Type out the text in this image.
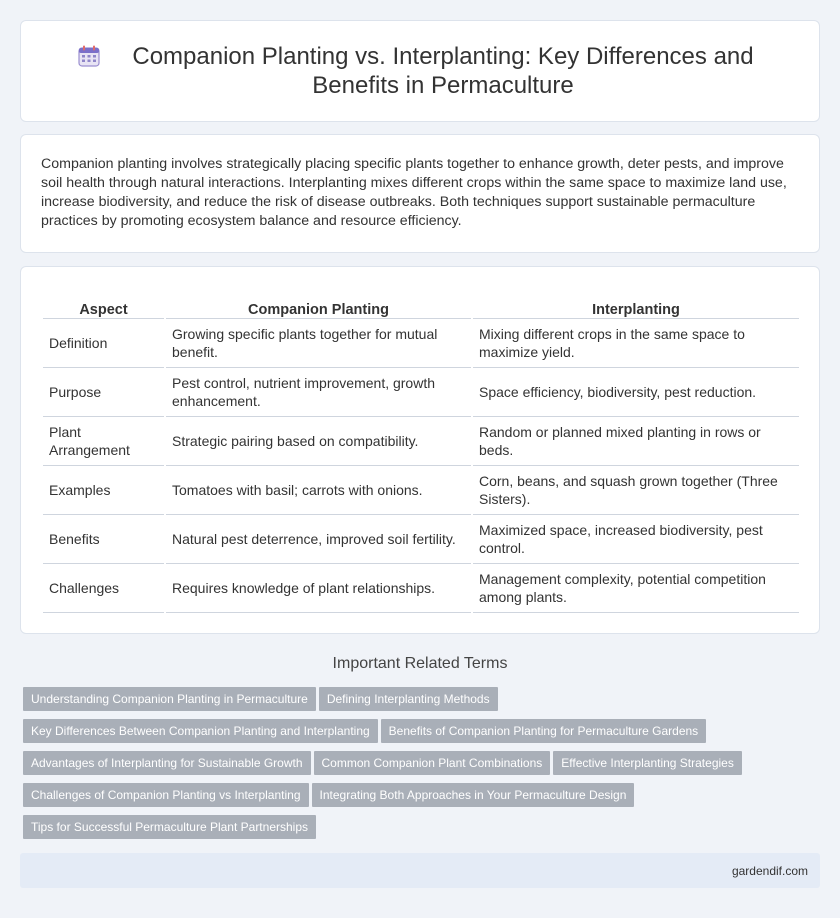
Companion Planting vs. Interplanting: Key Differences and Benefits in Permaculture

Companion planting involves strategically placing specific plants together to enhance growth, deter pests, and improve soil health through natural interactions. Interplanting mixes different crops within the same space to maximize land use, increase biodiversity, and reduce the risk of disease outbreaks. Both techniques support sustainable permaculture practices by promoting ecosystem balance and resource efficiency.

Aspect	Companion Planting	Interplanting
Definition	Growing specific plants together for mutual benefit.	Mixing different crops in the same space to maximize yield.
Purpose	Pest control, nutrient improvement, growth enhancement.	Space efficiency, biodiversity, pest reduction.
Plant Arrangement	Strategic pairing based on compatibility.	Random or planned mixed planting in rows or beds.
Examples	Tomatoes with basil; carrots with onions.	Corn, beans, and squash grown together (Three Sisters).
Benefits	Natural pest deterrence, improved soil fertility.	Maximized space, increased biodiversity, pest control.
Challenges	Requires knowledge of plant relationships.	Management complexity, potential competition among plants.
Important Related Terms
Understanding Companion Planting in Permaculture Defining Interplanting Methods
Key Differences Between Companion Planting and Interplanting Benefits of Companion Planting for Permaculture Gardens
Advantages of Interplanting for Sustainable Growth Common Companion Plant Combinations Effective Interplanting Strategies
Challenges of Companion Planting vs Interplanting Integrating Both Approaches in Your Permaculture Design
Tips for Successful Permaculture Plant Partnerships
gardendif.com
